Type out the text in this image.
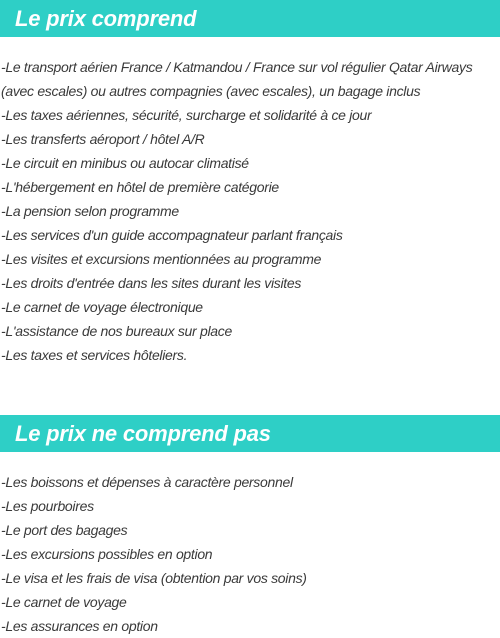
Le prix comprend
-Le transport aérien France / Katmandou / France sur vol régulier Qatar Airways (avec escales) ou autres compagnies (avec escales), un bagage inclus
-Les taxes aériennes, sécurité, surcharge et solidarité à ce jour
-Les transferts aéroport / hôtel A/R
-Le circuit en minibus ou autocar climatisé
-L'hébergement en hôtel de première catégorie
-La pension selon programme
-Les services d'un guide accompagnateur parlant français
-Les visites et excursions mentionnées au programme
-Les droits d'entrée dans les sites durant les visites
-Le carnet de voyage électronique
-L'assistance de nos bureaux sur place
-Les taxes et services hôteliers.
Le prix ne comprend pas
-Les boissons et dépenses à caractère personnel
-Les pourboires
-Le port des bagages
-Les excursions possibles en option
-Le visa et les frais de visa (obtention par vos soins)
-Le carnet de voyage
-Les assurances en option
